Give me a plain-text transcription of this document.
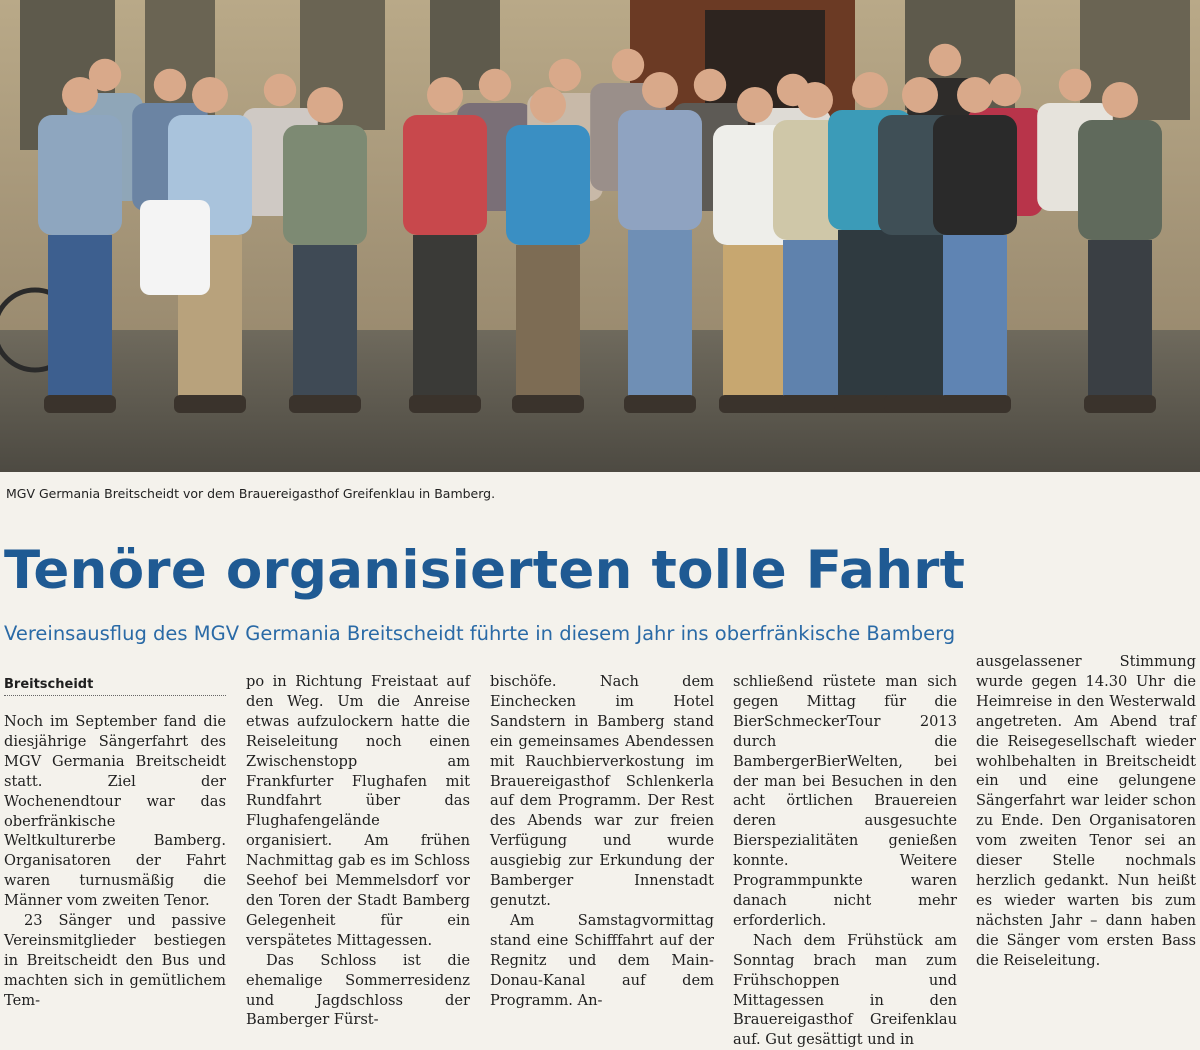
MGV Germania Breitscheidt vor dem Brauereigasthof Greifenklau in Bamberg.
Tenöre organisierten tolle Fahrt
Vereinsausflug des MGV Germania Breitscheidt führte in diesem Jahr ins oberfränkische Bamberg
Breitscheidt

Noch im September fand die diesjährige Sängerfahrt des MGV Germania Breitscheidt statt. Ziel der Wochenendtour war das oberfränkische Weltkulturerbe Bamberg. Organisatoren der Fahrt waren turnusmäßig die Männer vom zweiten Tenor.

23 Sänger und passive Vereinsmitglieder bestiegen in Breitscheidt den Bus und machten sich in gemütlichem Tem-

po in Richtung Freistaat auf den Weg. Um die Anreise etwas aufzulockern hatte die Reiseleitung noch einen Zwischenstopp am Frankfurter Flughafen mit Rundfahrt über das Flughafengelände organisiert. Am frühen Nachmittag gab es im Schloss Seehof bei Memmelsdorf vor den Toren der Stadt Bamberg Gelegenheit für ein verspätetes Mittagessen.

Das Schloss ist die ehemalige Sommerresidenz und Jagdschloss der Bamberger Fürst-

bischöfe. Nach dem Einchecken im Hotel Sandstern in Bamberg stand ein gemeinsames Abendessen mit Rauchbierverkostung im Brauereigasthof Schlenkerla auf dem Programm. Der Rest des Abends war zur freien Verfügung und wurde ausgiebig zur Erkundung der Bamberger Innenstadt genutzt.

Am Samstagvormittag stand eine Schifffahrt auf der Regnitz und dem Main-Donau-Kanal auf dem Programm. An-

schließend rüstete man sich gegen Mittag für die BierSchmeckerTour 2013 durch die BambergerBierWelten, bei der man bei Besuchen in den acht örtlichen Brauereien deren ausgesuchte Bierspezialitäten genießen konnte. Weitere Programmpunkte waren danach nicht mehr erforderlich.

Nach dem Frühstück am Sonntag brach man zum Frühschoppen und Mittagessen in den Brauereigasthof Greifenklau auf. Gut gesättigt und in

ausgelassener Stimmung wurde gegen 14.30 Uhr die Heimreise in den Westerwald angetreten. Am Abend traf die Reisegesellschaft wieder wohlbehalten in Breitscheidt ein und eine gelungene Sängerfahrt war leider schon zu Ende. Den Organisatoren vom zweiten Tenor sei an dieser Stelle nochmals herzlich gedankt. Nun heißt es wieder warten bis zum nächsten Jahr – dann haben die Sänger vom ersten Bass die Reiseleitung.
